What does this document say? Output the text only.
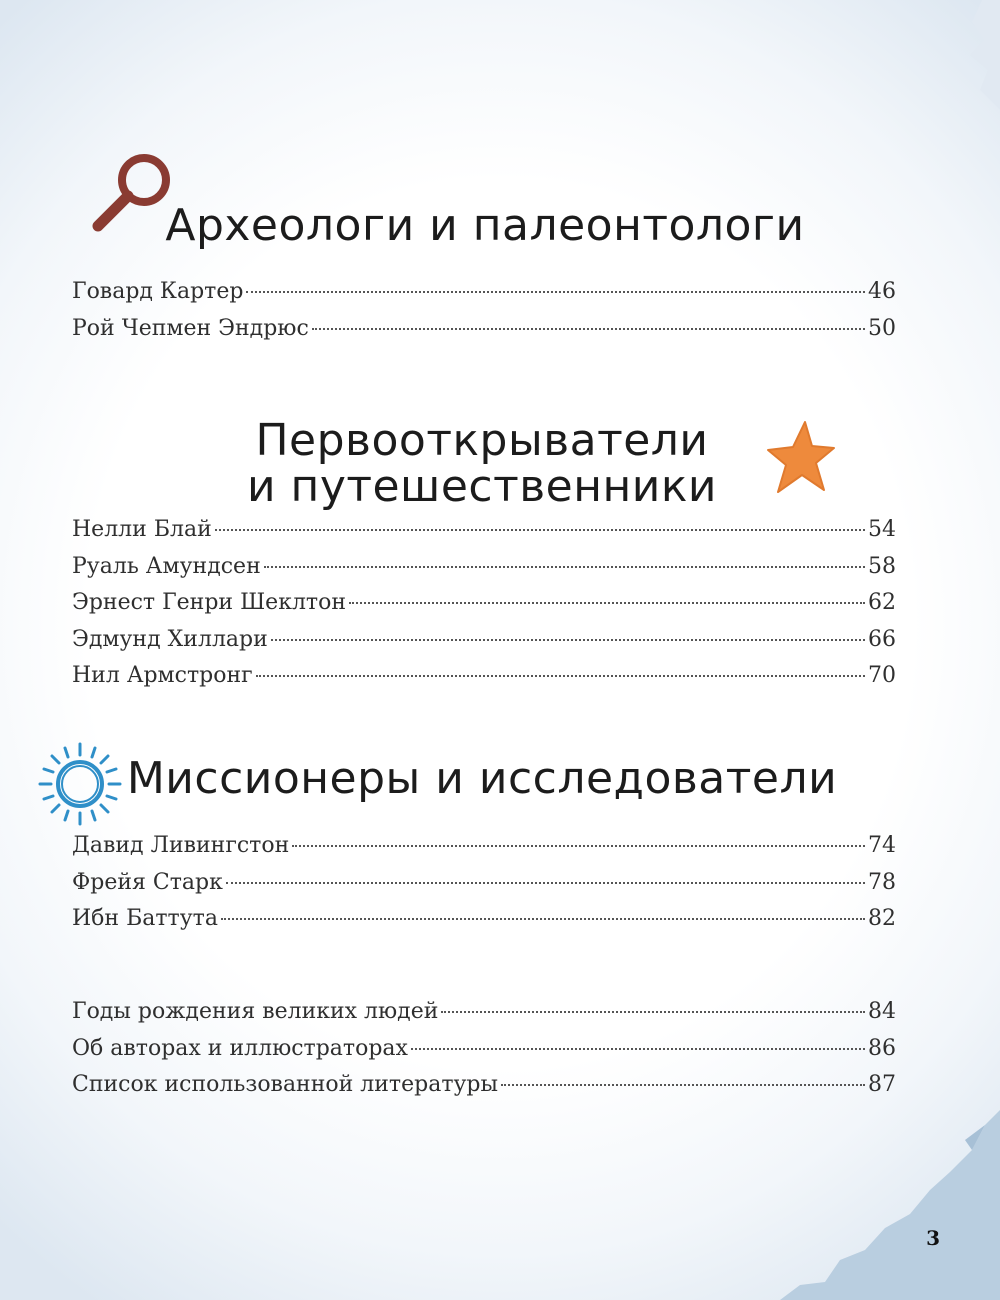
Археологи и палеонтологи
Говард Картер	46
Рой Чепмен Эндрюс	50
Первооткрыватели
и путешественники
Нелли Блай	54
Руаль Амундсен	58
Эрнест Генри Шеклтон	62
Эдмунд Хиллари	66
Нил Армстронг	70
Миссионеры и исследователи
Давид Ливингстон	74
Фрейя Старк	78
Ибн Баттута	82
Годы рождения великих людей	84
Об авторах и иллюстраторах	86
Список использованной литературы	87
3
